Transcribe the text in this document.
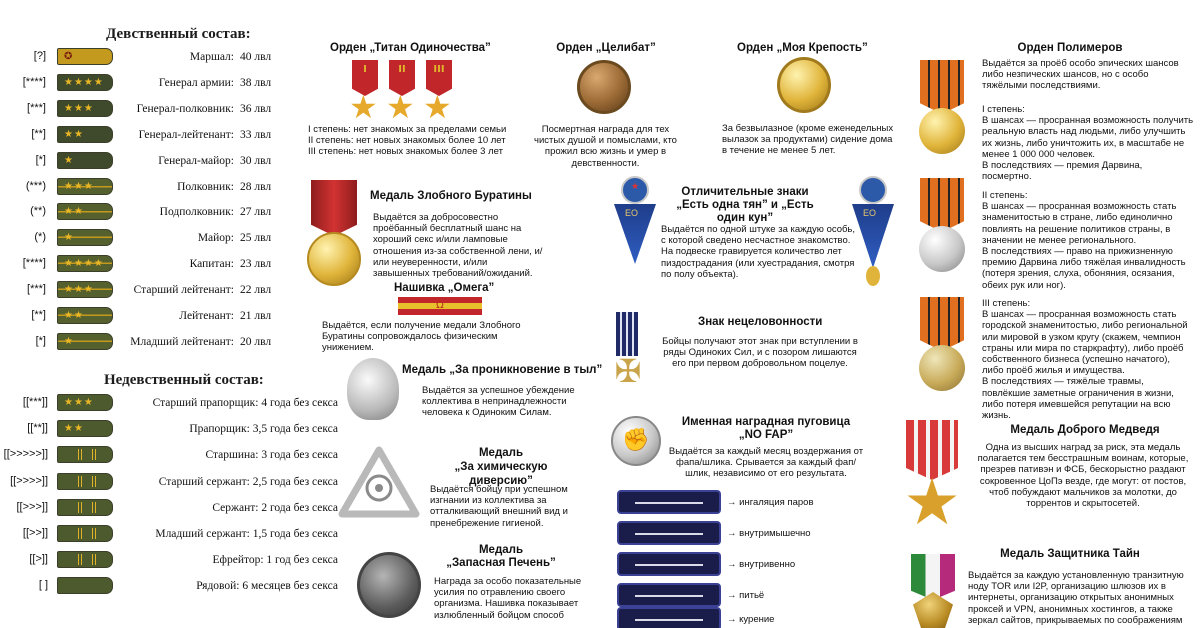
Девственный состав:
[?] ✪	Маршал: 40 лвл
[****] ★★★★	Генерал армии: 38 лвл
[***] ★★★	Генерал-полковник: 36 лвл
[**] ★★	Генерал-лейтенант: 33 лвл
[*] ★	Генерал-майор: 30 лвл
(***) ★★★	Полковник: 28 лвл
(**) ★★	Подполковник: 27 лвл
(*) ★	Майор: 25 лвл
[****] ★★★★	Капитан: 23 лвл
[***] ★★★	Старший лейтенант: 22 лвл
[**] ★★	Лейтенант: 21 лвл
[*] ★	Младший лейтенант: 20 лвл
Недевственный состав:
[[***]] ★★★	Старший прапорщик: 4 года без секса
[[**]] ★★	Прапорщик: 3,5 года без секса
[[>>>>>]]	Старшина: 3 года без секса
[[>>>>]]	Старший сержант: 2,5 года без секса
[[>>>]]	Сержант: 2 года без секса
[[>>]]	Младший сержант: 1,5 года без секса
[[>]]	Ефрейтор: 1 год без секса
[ ]	Рядовой: 6 месяцев без секса
Орден „Титан Одиночества”
I	II	III
★ ★ ★
I степень: нет знакомых за пределами семьи
II степень: нет новых знакомых более 10 лет
III степень: нет новых знакомых более 3 лет
Орден „Целибат”
Посмертная награда для тех чистых душой и помыслами, кто прожил всю жизнь и умер в девственности.
Орден „Моя Крепость”
За безвылазное (кроме еженедельных вылазок за продуктами) сидение дома в течение не менее 5 лет.
Орден Полимеров
Выдаётся за проёб особо эпических шансов либо незпических шансов, но с особо тяжёлыми последствиями.
I степень:
В шансах — просранная возможность получить реальную власть над людьми, либо улучшить их жизнь, либо уничтожить их, в масштабе не менее 1 000 000 человек.
В последствиях — премия Дарвина, посмертно.
II степень:
В шансах — просранная возможность стать знаменитостью в стране, либо единолично повлиять на решение политиков страны, в значении не менее регионального.
В последствиях — право на прижизненную премию Дарвина либо тяжёлая инвалидность (потеря зрения, слуха, обоняния, осязания, обеих рук или ног).
III степень:
В шансах — просранная возможность стать городской знаменитостью, либо региональной или мировой в узком кругу (скажем, чемпион страны или мира по старкрафту), либо проёб собственного бизнеса (успешно начатого), либо проёб жилья и имущества.
В последствиях — тяжёлые травмы, повлёкшие заметные ограничения в жизни, либо потеря имевшейся репутации на всю жизнь.
Медаль Злобного Буратины
Выдаётся за добросовестно проёбанный бесплатный шанс на хороший секс и/или ламповые отношения из-за собственной лени, и/или неуверенности, и/или завышенных требований/ожиданий.
Нашивка „Омега”
Ω
Выдаётся, если получение медали Злобного Буратины сопровождалось физическим унижением.
★
ЕО
Отличительные знаки
„Есть одна тян” и „Есть один кун”
Выдаётся по одной штуке за каждую особь, с которой сведено несчастное знакомство. На подвеске гравируется количество лет пиздострадания (или хуестрадания, смотря по полу объекта).
ЕО
Медаль „За проникновение в тыл”
Выдаётся за успешное убеждение коллектива в непринадлежности человека к Одиноким Силам.
✠
Знак нецеловонности
Бойцы получают этот знак при вступлении в ряды Одиноких Сил, и с позором лишаются его при первом добровольном поцелуе.
Медаль
„За химическую диверсию”
Выдаётся бойцу при успешном изгнании из коллектива за отталкивающий внешний вид и пренебрежение гигиеной.
✊
Именная наградная пуговица
„NO FAP”
Выдаётся за каждый месяц воздержания от фапа/шлика. Срывается за каждый фап/шлик, независимо от его результата.
Медаль
„Запасная Печень”
Награда за особо показательные усилия по отравлению своего организма. Нашивка показывает излюбленный бойцом способ
→ ингаляция паров
→ внутримышечно
→ внутривенно
→ питьё
→ курение
★
Медаль Доброго Медведя
Одна из высших наград за риск, эта медаль полагается тем бесстрашным воинам, которые, презрев пативэн и ФСБ, бескорыстно раздают сокровенное ЦоПэ везде, где могут: от постов, чтоб побуждают мальчиков за молотки, до торрентов и скрытосетей.
Медаль Защитника Тайн
Выдаётся за каждую установленную транзитную ноду TOR или I2P, организацию шлюзов их в интернеты, организацию открытых анонимных проксей и VPN, анонимных хостингов, а также зеркал сайтов, прикрываемых по соображениям
